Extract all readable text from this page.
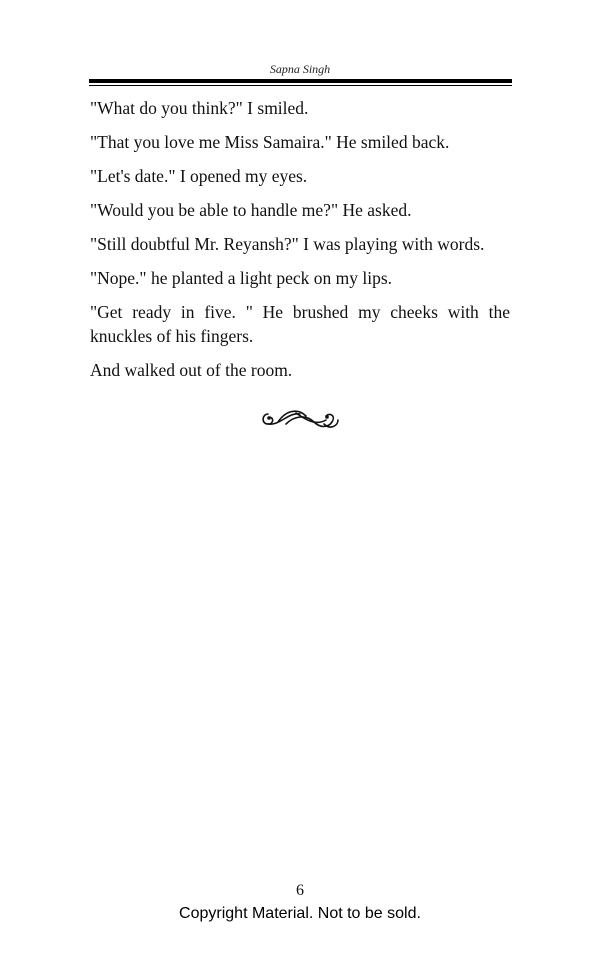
Sapna Singh

"What do you think?" I smiled.

"That you love me Miss Samaira." He smiled back.

"Let's date." I opened my eyes.

"Would you be able to handle me?" He asked.

"Still doubtful Mr. Reyansh?" I was playing with words.

"Nope." he planted a light peck on my lips.

"Get ready in five. " He brushed my cheeks with the knuckles of his fingers.

And walked out of the room.

6
Copyright Material. Not to be sold.
